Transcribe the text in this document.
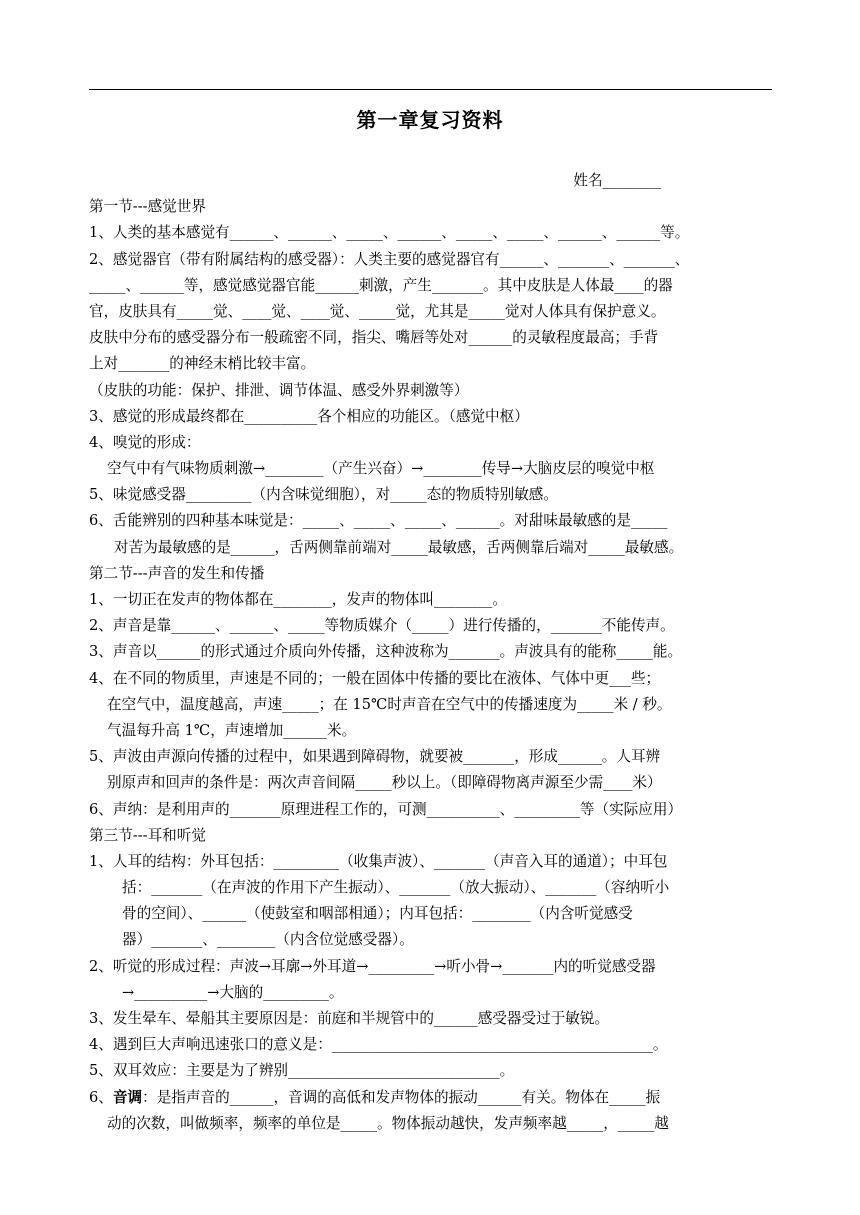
第一章复习资料
姓名________
第一节---感觉世界
1、人类的基本感觉有______、______、_____、______、_____、_____、______、______等。
2、感觉器官（带有附属结构的感受器）：人类主要的感觉器官有______、_______、_______、
_____、______等，感觉感觉器官能______刺激，产生_______。其中皮肤是人体最____的器
官，皮肤具有_____觉、____觉、____觉、_____觉，尤其是_____觉对人体具有保护意义。
皮肤中分布的感受器分布一般疏密不同，指尖、嘴唇等处对______的灵敏程度最高；手背
上对_______的神经末梢比较丰富。
（皮肤的功能：保护、排泄、调节体温、感受外界刺激等）
3、感觉的形成最终都在__________各个相应的功能区。（感觉中枢）
4、嗅觉的形成：
空气中有气味物质刺激→________（产生兴奋）→________传导→大脑皮层的嗅觉中枢
5、味觉感受器_________（内含味觉细胞），对_____态的物质特别敏感。
6、舌能辨别的四种基本味觉是：_____、_____、_____、______。对甜味最敏感的是_____
对苦为最敏感的是______，舌两侧靠前端对_____最敏感，舌两侧靠后端对_____最敏感。
第二节---声音的发生和传播
1、一切正在发声的物体都在________，发声的物体叫________。
2、声音是靠______、______、_____等物质媒介（_____）进行传播的，_______不能传声。
3、声音以______的形式通过介质向外传播，这种波称为_______。声波具有的能称_____能。
4、在不同的物质里，声速是不同的；一般在固体中传播的要比在液体、气体中更___些；
在空气中，温度越高，声速_____；在 15℃时声音在空气中的传播速度为_____米 / 秒。
气温每升高 1℃，声速增加______米。
5、声波由声源向传播的过程中，如果遇到障碍物，就要被_______，形成______。人耳辨
别原声和回声的条件是：两次声音间隔_____秒以上。（即障碍物离声源至少需____米）
6、声纳：是利用声的_______原理进程工作的，可测__________、_________等（实际应用）
第三节---耳和听觉
1、人耳的结构：外耳包括：_________（收集声波）、_______（声音入耳的通道）；中耳包
括：_______（在声波的作用下产生振动）、_______（放大振动）、_______（容纳听小
骨的空间）、______（使鼓室和咽部相通）；内耳包括：________（内含听觉感受
器）_______、________（内含位觉感受器）。
2、听觉的形成过程：声波→耳廓→外耳道→_________→听小骨→_______内的听觉感受器
→__________→大脑的_________。
3、发生晕车、晕船其主要原因是：前庭和半规管中的______感受器受过于敏锐。
4、遇到巨大声响迅速张口的意义是：____________________________________________。
5、双耳效应：主要是为了辨别_____________________________。
6、音调：是指声音的______，音调的高低和发声物体的振动______有关。物体在_____振
动的次数，叫做频率，频率的单位是_____。物体振动越快，发声频率越_____，_____越
